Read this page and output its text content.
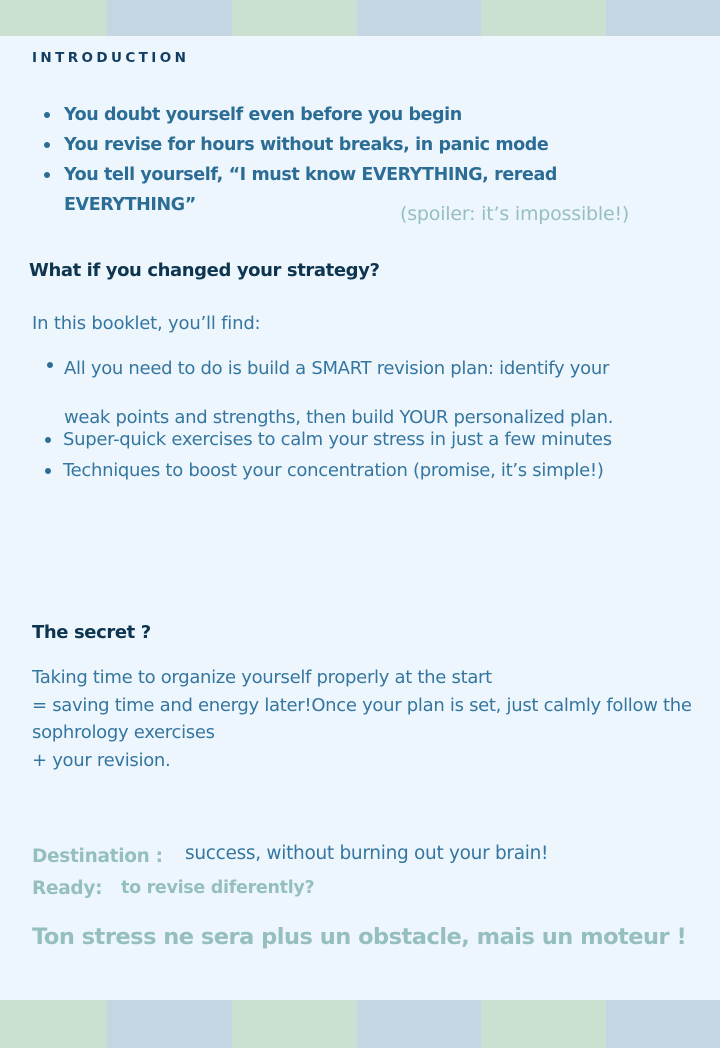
INTRODUCTION

You doubt yourself even before you begin
You revise for hours without breaks, in panic mode
You tell yourself, “I must know EVERYTHING, reread EVERYTHING”	(spoiler: it’s impossible!)

What if you changed your strategy?

In this booklet, you’ll find:

All you need to do is build a SMART revision plan: identify your
weak points and strengths, then build YOUR personalized plan.
Super-quick exercises to calm your stress in just a few minutes
Techniques to boost your concentration (promise, it’s simple!)

The secret ?

Taking time to organize yourself properly at the start
= saving time and energy later!Once your plan is set, just calmly follow the sophrology exercises
+ your revision.

Destination : success, without burning out your brain!

Ready: to revise diferently?

Ton stress ne sera plus un obstacle, mais un moteur !
